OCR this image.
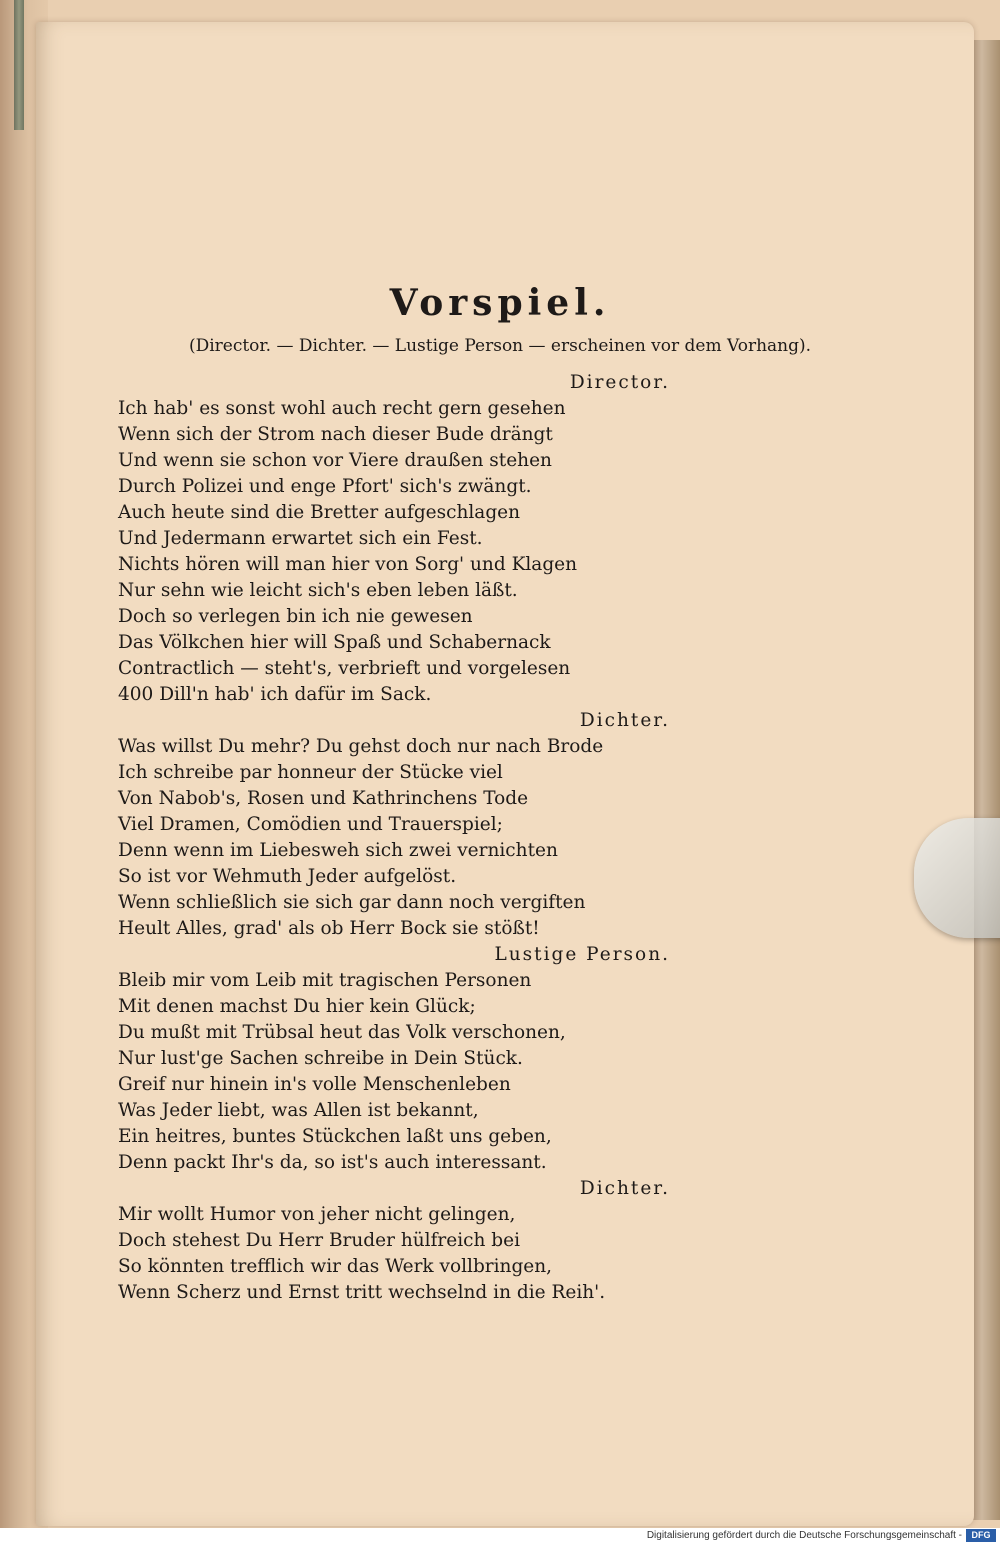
Vorspiel.
(Director. — Dichter. — Lustige Person — erscheinen vor dem Vorhang).
Director.
Ich hab' es sonst wohl auch recht gern gesehen
Wenn sich der Strom nach dieser Bude drängt
Und wenn sie schon vor Viere draußen stehen
Durch Polizei und enge Pfort' sich's zwängt.
Auch heute sind die Bretter aufgeschlagen
Und Jedermann erwartet sich ein Fest.
Nichts hören will man hier von Sorg' und Klagen
Nur sehn wie leicht sich's eben leben läßt.
Doch so verlegen bin ich nie gewesen
Das Völkchen hier will Spaß und Schabernack
Contractlich — steht's, verbrieft und vorgelesen
400 Dill'n hab' ich dafür im Sack.
Dichter.
Was willst Du mehr? Du gehst doch nur nach Brode
Ich schreibe par honneur der Stücke viel
Von Nabob's, Rosen und Kathrinchens Tode
Viel Dramen, Comödien und Trauerspiel;
Denn wenn im Liebesweh sich zwei vernichten
So ist vor Wehmuth Jeder aufgelöst.
Wenn schließlich sie sich gar dann noch vergiften
Heult Alles, grad' als ob Herr Bock sie stößt!
Lustige Person.
Bleib mir vom Leib mit tragischen Personen
Mit denen machst Du hier kein Glück;
Du mußt mit Trübsal heut das Volk verschonen,
Nur lust'ge Sachen schreibe in Dein Stück.
Greif nur hinein in's volle Menschenleben
Was Jeder liebt, was Allen ist bekannt,
Ein heitres, buntes Stückchen laßt uns geben,
Denn packt Ihr's da, so ist's auch interessant.
Dichter.
Mir wollt Humor von jeher nicht gelingen,
Doch stehest Du Herr Bruder hülfreich bei
So könnten trefflich wir das Werk vollbringen,
Wenn Scherz und Ernst tritt wechselnd in die Reih'.
Digitalisierung gefördert durch die Deutsche Forschungsgemeinschaft -	DFG
